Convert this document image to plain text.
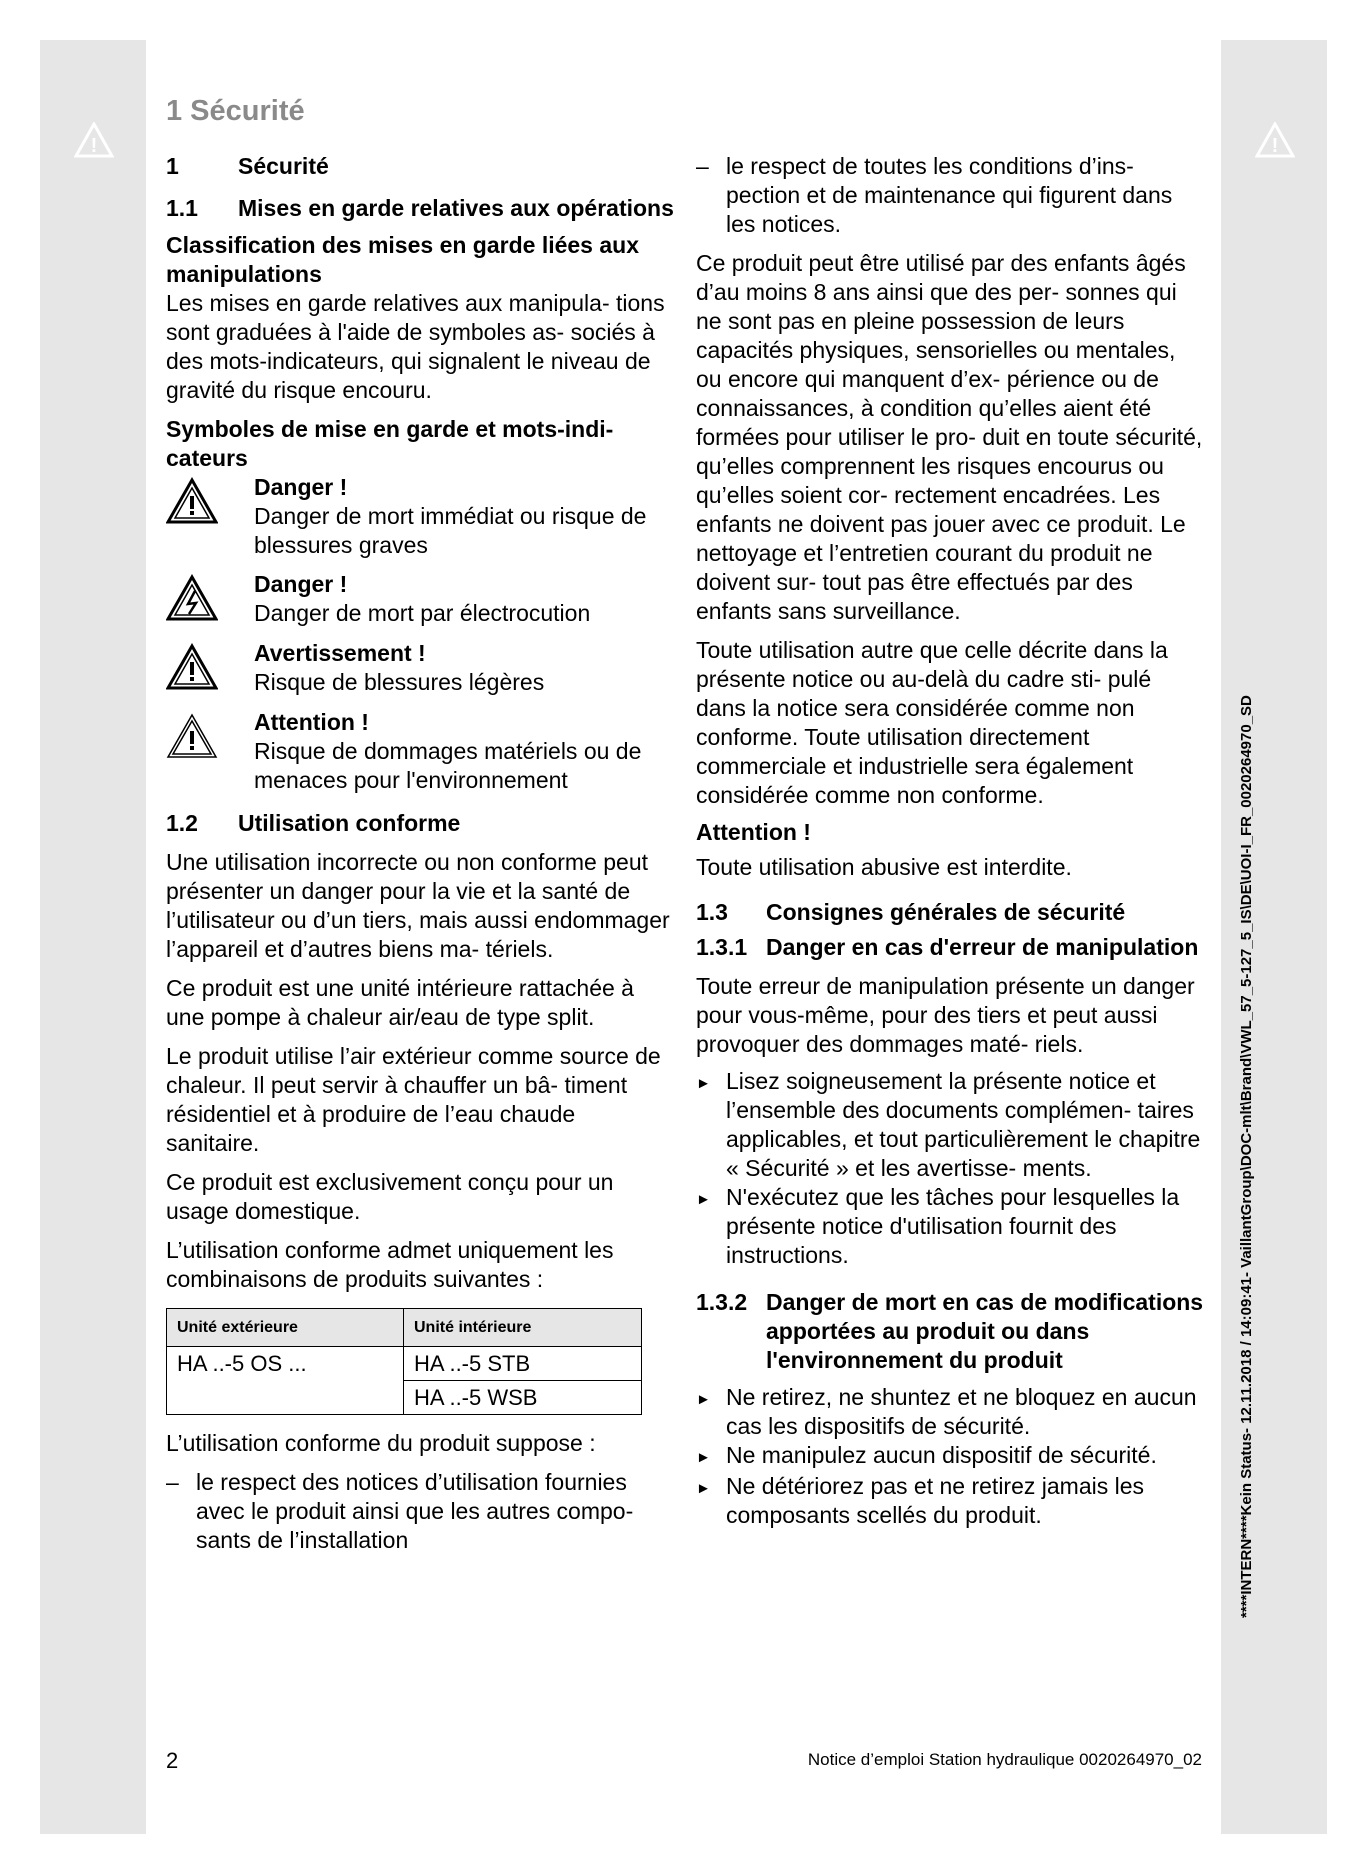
!	!
1 Sécurité
1	Sécurité
1.1	Mises en garde relatives aux opérations
Classification des mises en garde liées aux manipulations

Les mises en garde relatives aux manipula- tions sont graduées à l'aide de symboles as- sociés à des mots-indicateurs, qui signalent le niveau de gravité du risque encouru.

Symboles de mise en garde et mots-indi- cateurs
Danger !
Danger de mort immédiat ou risque de blessures graves
Danger !
Danger de mort par électrocution
Avertissement !
Risque de blessures légères
Attention !
Risque de dommages matériels ou de menaces pour l'environnement
1.2	Utilisation conforme

Une utilisation incorrecte ou non conforme peut présenter un danger pour la vie et la santé de l’utilisateur ou d’un tiers, mais aussi endommager l’appareil et d’autres biens ma- tériels.

Ce produit est une unité intérieure rattachée à une pompe à chaleur air/eau de type split.

Le produit utilise l’air extérieur comme source de chaleur. Il peut servir à chauffer un bâ- timent résidentiel et à produire de l’eau chaude sanitaire.

Ce produit est exclusivement conçu pour un usage domestique.

L’utilisation conforme admet uniquement les combinaisons de produits suivantes :

Unité extérieure	Unité intérieure
HA ..-5 OS ...	HA ..-5 STB
	HA ..-5 WSB

L’utilisation conforme du produit suppose :

– le respect des notices d’utilisation fournies avec le produit ainsi que les autres compo- sants de l’installation
– le respect de toutes les conditions d’ins- pection et de maintenance qui figurent dans les notices.

Ce produit peut être utilisé par des enfants âgés d’au moins 8 ans ainsi que des per- sonnes qui ne sont pas en pleine possession de leurs capacités physiques, sensorielles ou mentales, ou encore qui manquent d’ex- périence ou de connaissances, à condition qu’elles aient été formées pour utiliser le pro- duit en toute sécurité, qu’elles comprennent les risques encourus ou qu’elles soient cor- rectement encadrées. Les enfants ne doivent pas jouer avec ce produit. Le nettoyage et l’entretien courant du produit ne doivent sur- tout pas être effectués par des enfants sans surveillance.

Toute utilisation autre que celle décrite dans la présente notice ou au-delà du cadre sti- pulé dans la notice sera considérée comme non conforme. Toute utilisation directement commerciale et industrielle sera également considérée comme non conforme.

Attention !

Toute utilisation abusive est interdite.

1.3	Consignes générales de sécurité
1.3.1 Danger en cas d'erreur de manipulation

Toute erreur de manipulation présente un danger pour vous-même, pour des tiers et peut aussi provoquer des dommages maté- riels.

► Lisez soigneusement la présente notice et l’ensemble des documents complémen- taires applicables, et tout particulièrement le chapitre « Sécurité » et les avertisse- ments.
► N'exécutez que les tâches pour lesquelles la présente notice d'utilisation fournit des instructions.
1.3.2 Danger de mort en cas de modifications apportées au produit ou dans l'environnement du produit
► Ne retirez, ne shuntez et ne bloquez en aucun cas les dispositifs de sécurité.
► Ne manipulez aucun dispositif de sécurité.
► Ne détériorez pas et ne retirez jamais les composants scellés du produit.	****INTERN****Kein Status- 12.11.2018 / 14:09:41- VaillantGroup\DOC-mlt\Brand\VWL_57_5-127_5_IS\DE\UOI-I_FR_0020264970_SD
2	Notice d’emploi Station hydraulique 0020264970_02
